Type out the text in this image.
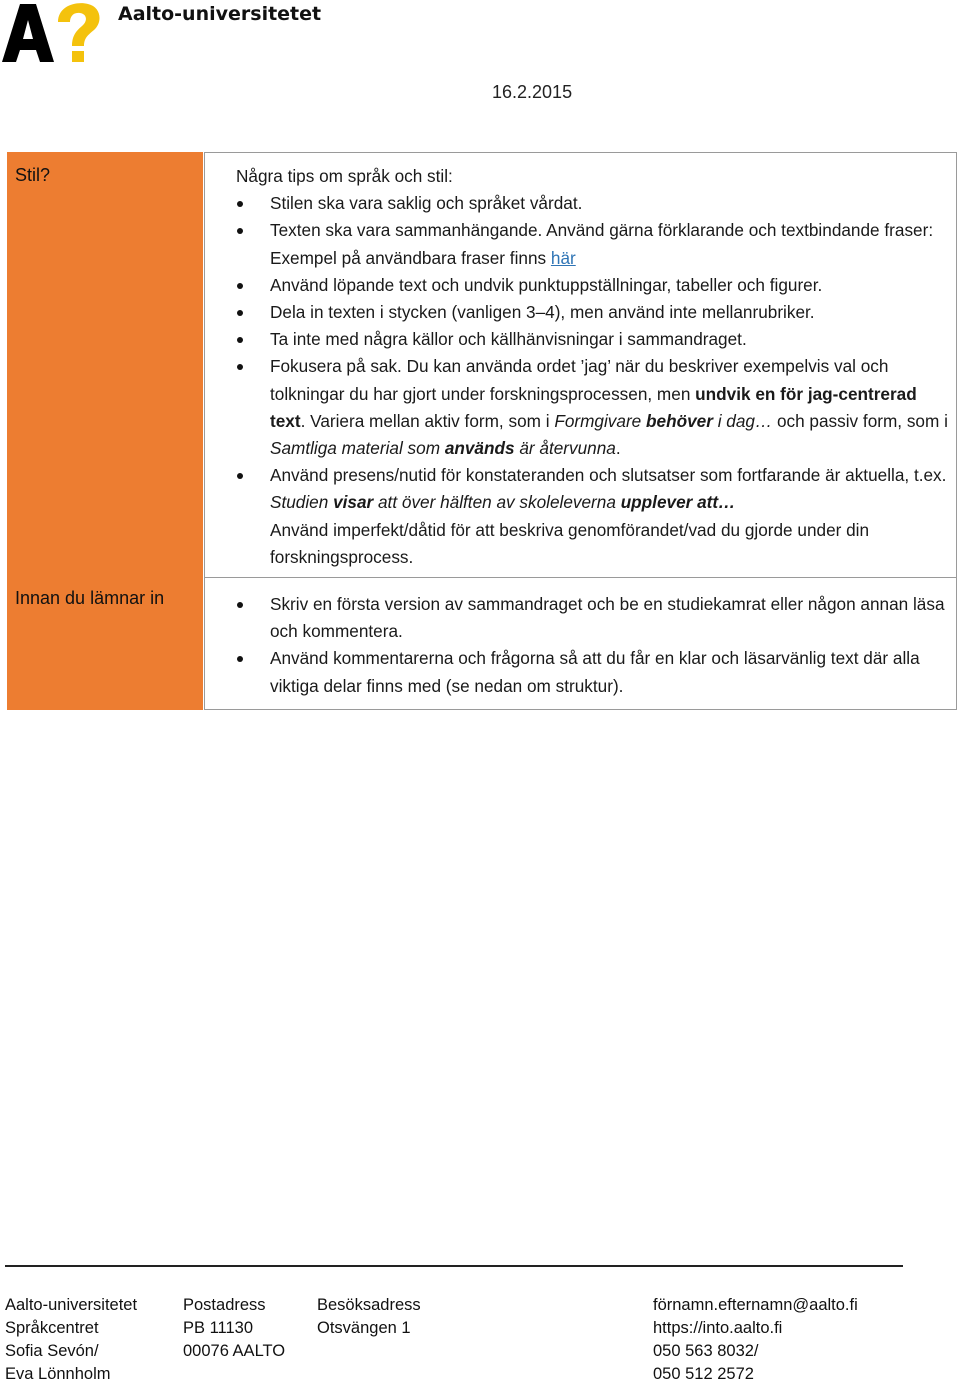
Aalto-universitetet
16.2.2015
Stil?	Några tips om språk och stil:

Stilen ska vara saklig och språket vårdat.
Texten ska vara sammanhängande. Använd gärna förklarande och textbindande fraser: Exempel på användbara fraser finns här
Använd löpande text och undvik punktuppställningar, tabeller och figurer.
Dela in texten i stycken (vanligen 3–4), men använd inte mellanrubriker.
Ta inte med några källor och källhänvisningar i sammandraget.
Fokusera på sak. Du kan använda ordet ’jag’ när du beskriver exempelvis val och tolkningar du har gjort under forskningsprocessen, men undvik en för jag-centrerad text. Variera mellan aktiv form, som i Formgivare behöver i dag… och passiv form, som i Samtliga material som används är återvunna.
Använd presens/nutid för konstateranden och slutsatser som fortfarande är aktuella, t.ex. Studien visar att över hälften av skoleleverna upplever att…
Använd imperfekt/dåtid för att beskriva genomförandet/vad du gjorde under din forskningsprocess.
Innan du lämnar in	Skriv en första version av sammandraget och be en studiekamrat eller någon annan läsa och kommentera.
Använd kommentarerna och frågorna så att du får en klar och läsarvänlig text där alla viktiga delar finns med (se nedan om struktur).
Aalto-universitetet
Språkcentret
Sofia Sevón/
Eva Lönnholm
Postadress
PB 11130
00076 AALTO
Besöksadress
Otsvängen 1
förnamn.efternamn@aalto.fi
https://into.aalto.fi
050 563 8032/
050 512 2572
